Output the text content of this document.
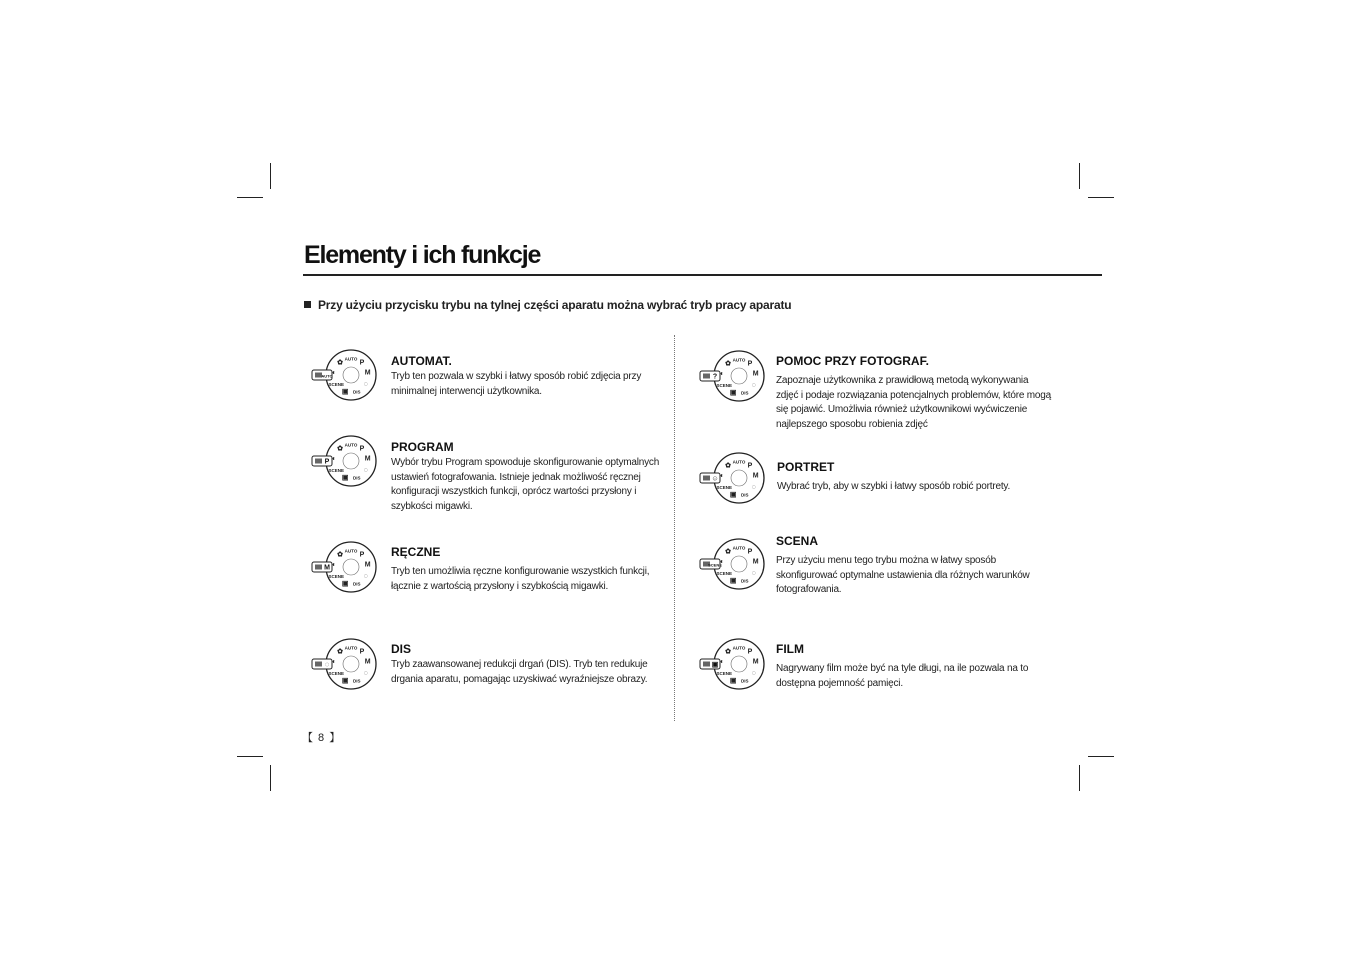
Elementy i ich funkcje
Przy użyciu przycisku trybu na tylnej części aparatu można wybrać tryb pracy aparatu
AUTO
P
M
◌
DIS
▣
SCENE
◐
✿
AUTO
AUTOMAT.
Tryb ten pozwala w szybki i łatwy sposób robić zdjęcia przy minimalnej interwencji użytkownika.
AUTO
P
M
◌
DIS
▣
SCENE
◐
✿
P
PROGRAM
Wybór trybu Program spowoduje skonfigurowanie optymalnych ustawień fotografowania. Istnieje jednak możliwość ręcznej konfiguracji wszystkich funkcji, oprócz wartości przysłony i szybkości migawki.
AUTO
P
M
◌
DIS
▣
SCENE
◐
✿
M
RĘCZNE
Tryb ten umożliwia ręczne konfigurowanie wszystkich funkcji, łącznie z wartością przysłony i szybkością migawki.
AUTO
P
M
◌
DIS
▣
SCENE
◐
✿
◌
DIS
Tryb zaawansowanej redukcji drgań (DIS). Tryb ten redukuje drgania aparatu, pomagając uzyskiwać wyraźniejsze obrazy.
AUTO
P
M
◌
DIS
▣
SCENE
◐
✿
?
POMOC PRZY FOTOGRAF.
Zapoznaje użytkownika z prawidłową metodą wykonywania zdjęć i podaje rozwiązania potencjalnych problemów, które mogą się pojawić. Umożliwia również użytkownikowi wyćwiczenie najlepszego sposobu robienia zdjęć
AUTO
P
M
◌
DIS
▣
SCENE
◐
✿
☺
PORTRET
Wybrać tryb, aby w szybki i łatwy sposób robić portrety.
AUTO
P
M
◌
DIS
▣
SCENE
◐
✿
SCENE
SCENA
Przy użyciu menu tego trybu można w łatwy sposób skonfigurować optymalne ustawienia dla różnych warunków fotografowania.
AUTO
P
M
◌
DIS
▣
SCENE
◐
✿
▣
FILM
Nagrywany film może być na tyle długi, na ile pozwala na to dostępna pojemność pamięci.
【 8 】
